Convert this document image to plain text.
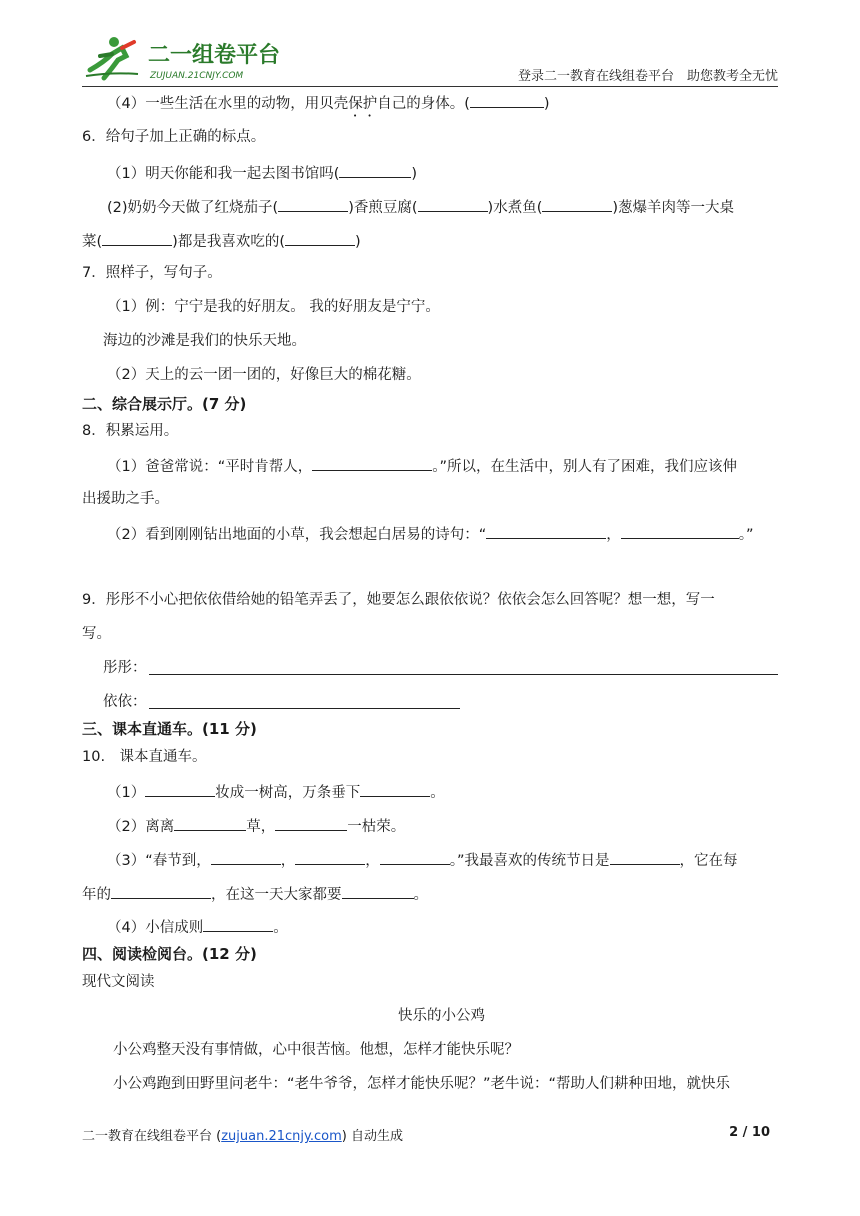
二一组卷平台
ZUJUAN.21CNJY.COM	登录二一教育在线组卷平台　助您教考全无忧
（4）一些生活在水里的动物，用贝壳保护自己的身体。(	)
6．给句子加上正确的标点。
（1）明天你能和我一起去图书馆吗(	)
(2)奶奶今天做了红烧茄子(	)香煎豆腐(	)水煮鱼(	)葱爆羊肉等一大桌
菜(	)都是我喜欢吃的(	)
7．照样子，写句子。
（1）例：宁宁是我的好朋友。 我的好朋友是宁宁。
海边的沙滩是我们的快乐天地。
（2）天上的云一团一团的，好像巨大的棉花糖。
二、综合展示厅。(7 分)
8．积累运用。
（1）爸爸常说：“平时肯帮人，	。”所以，在生活中，别人有了困难，我们应该伸
出援助之手。
（2）看到刚刚钻出地面的小草，我会想起白居易的诗句：“	，	。”
9．彤彤不小心把依依借给她的铅笔弄丢了，她要怎么跟依依说？依依会怎么回答呢？想一想，写一
写。
彤彤：
依依：
三、课本直通车。(11 分)
10.　课本直通车。
（1）	妆成一树高，万条垂下	。
（2）离离	草，	一枯荣。
（3）“春节到，	，	，	。”我最喜欢的传统节日是	，它在每
年的	，在这一天大家都要	。
（4）小信成则	。
四、阅读检阅台。(12 分)
现代文阅读
快乐的小公鸡
小公鸡整天没有事情做，心中很苦恼。他想，怎样才能快乐呢？
小公鸡跑到田野里问老牛：“老牛爷爷，怎样才能快乐呢？”老牛说：“帮助人们耕种田地，就快乐
二一教育在线组卷平台 (zujuan.21cnjy.com) 自动生成	2 / 10
